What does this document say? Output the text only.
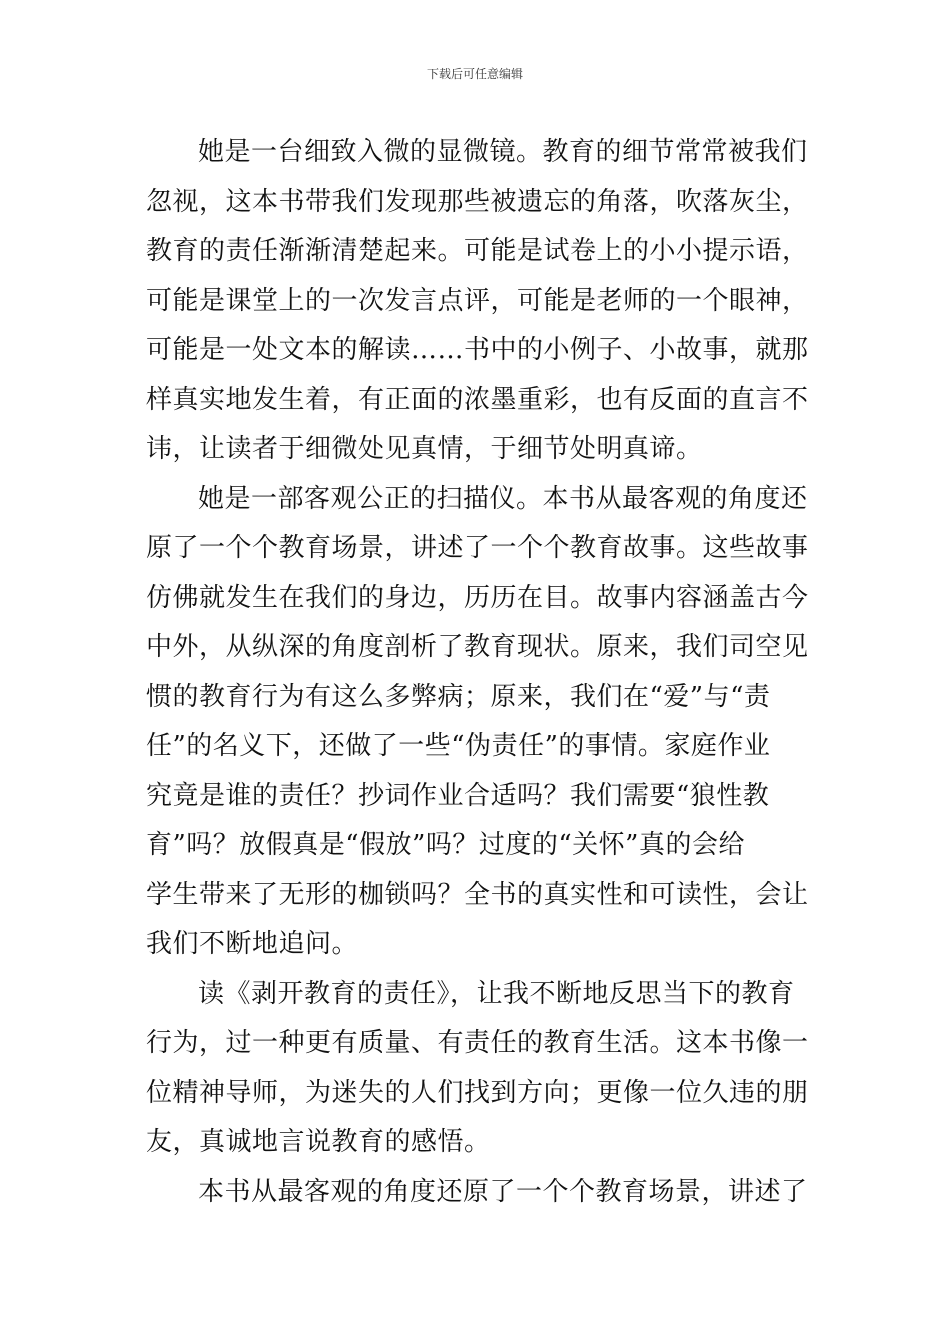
下载后可任意编辑

她是一台细致入微的显微镜。教育的细节常常被我们
忽视，这本书带我们发现那些被遗忘的角落，吹落灰尘，
教育的责任渐渐清楚起来。可能是试卷上的小小提示语，
可能是课堂上的一次发言点评，可能是老师的一个眼神，
可能是一处文本的解读……书中的小例子、小故事，就那
样真实地发生着，有正面的浓墨重彩，也有反面的直言不
讳，让读者于细微处见真情，于细节处明真谛。

她是一部客观公正的扫描仪。本书从最客观的角度还
原了一个个教育场景，讲述了一个个教育故事。这些故事
仿佛就发生在我们的身边，历历在目。故事内容涵盖古今
中外，从纵深的角度剖析了教育现状。原来，我们司空见
惯的教育行为有这么多弊病；原来，我们在“爱”与“责
任”的名义下，还做了一些“伪责任”的事情。家庭作业
究竟是谁的责任？抄词作业合适吗？我们需要“狼性教
育”吗？放假真是“假放”吗？过度的“关怀”真的会给
学生带来了无形的枷锁吗？全书的真实性和可读性，会让
我们不断地追问。

读《剥开教育的责任》，让我不断地反思当下的教育
行为，过一种更有质量、有责任的教育生活。这本书像一
位精神导师，为迷失的人们找到方向；更像一位久违的朋
友，真诚地言说教育的感悟。

本书从最客观的角度还原了一个个教育场景，讲述了
